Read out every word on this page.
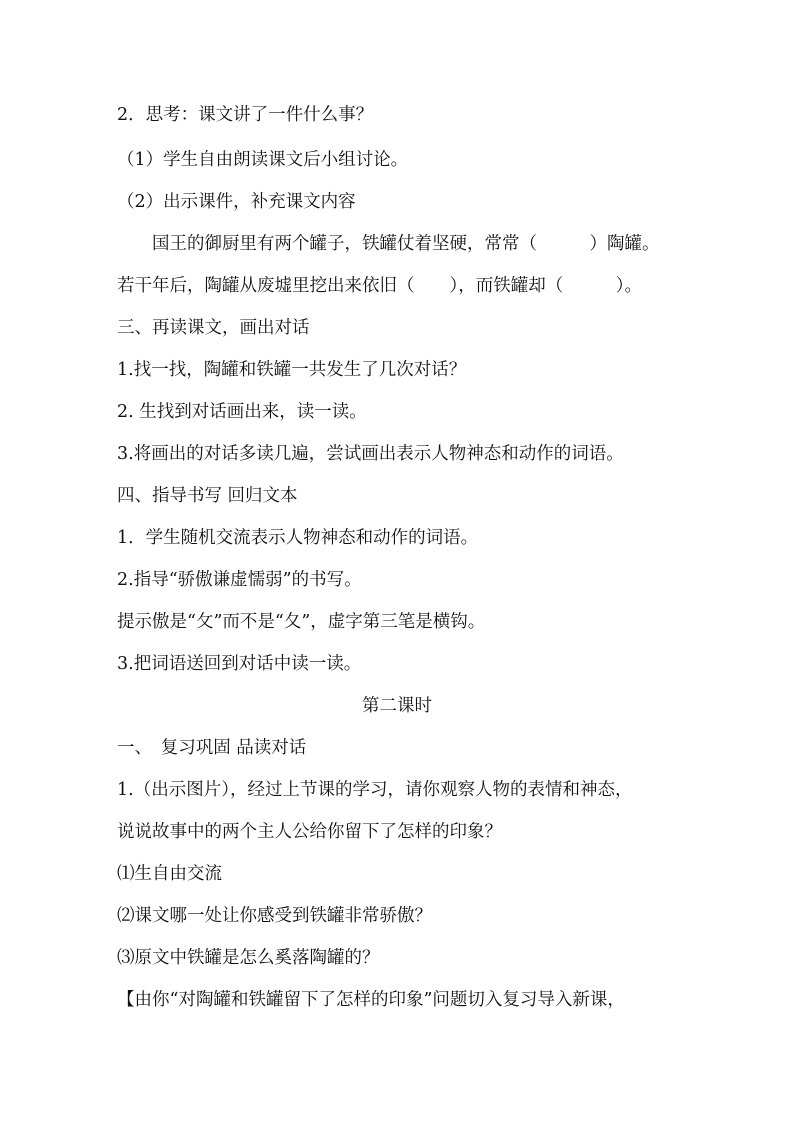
2．思考：课文讲了一件什么事？
（1）学生自由朗读课文后小组讨论。
（2）出示课件，补充课文内容
国王的御厨里有两个罐子，铁罐仗着坚硬，常常（　　　）陶罐。
若干年后，陶罐从废墟里挖出来依旧（　　），而铁罐却（　　　）。
三、再读课文，画出对话
1.找一找，陶罐和铁罐一共发生了几次对话？
2. 生找到对话画出来，读一读。
3.将画出的对话多读几遍，尝试画出表示人物神态和动作的词语。
四、指导书写 回归文本
1．学生随机交流表示人物神态和动作的词语。
2.指导“骄傲谦虚懦弱”的书写。
提示傲是“攵”而不是“夂”，虚字第三笔是横钩。
3.把词语送回到对话中读一读。
第二课时
一、　复习巩固 品读对话
1.（出示图片），经过上节课的学习，请你观察人物的表情和神态，
说说故事中的两个主人公给你留下了怎样的印象？
⑴生自由交流
⑵课文哪一处让你感受到铁罐非常骄傲？
⑶原文中铁罐是怎么奚落陶罐的？
【由你“对陶罐和铁罐留下了怎样的印象”问题切入复习导入新课，
